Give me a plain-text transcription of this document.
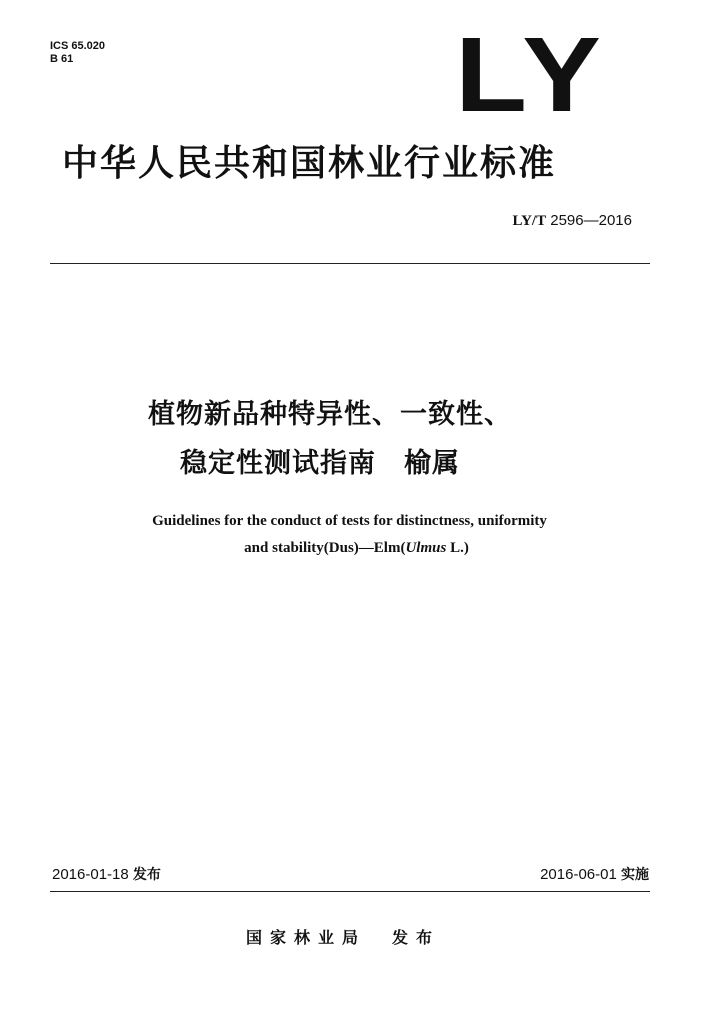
ICS 65.020
B 61	LY
中华人民共和国林业行业标准
LY/T 2596—2016
植物新品种特异性、一致性、
稳定性测试指南　榆属
Guidelines for the conduct of tests for distinctness, uniformity
and stability(Dus)—Elm(Ulmus L.)
2016-01-18 发布	2016-06-01 实施
国家林业局 发布
